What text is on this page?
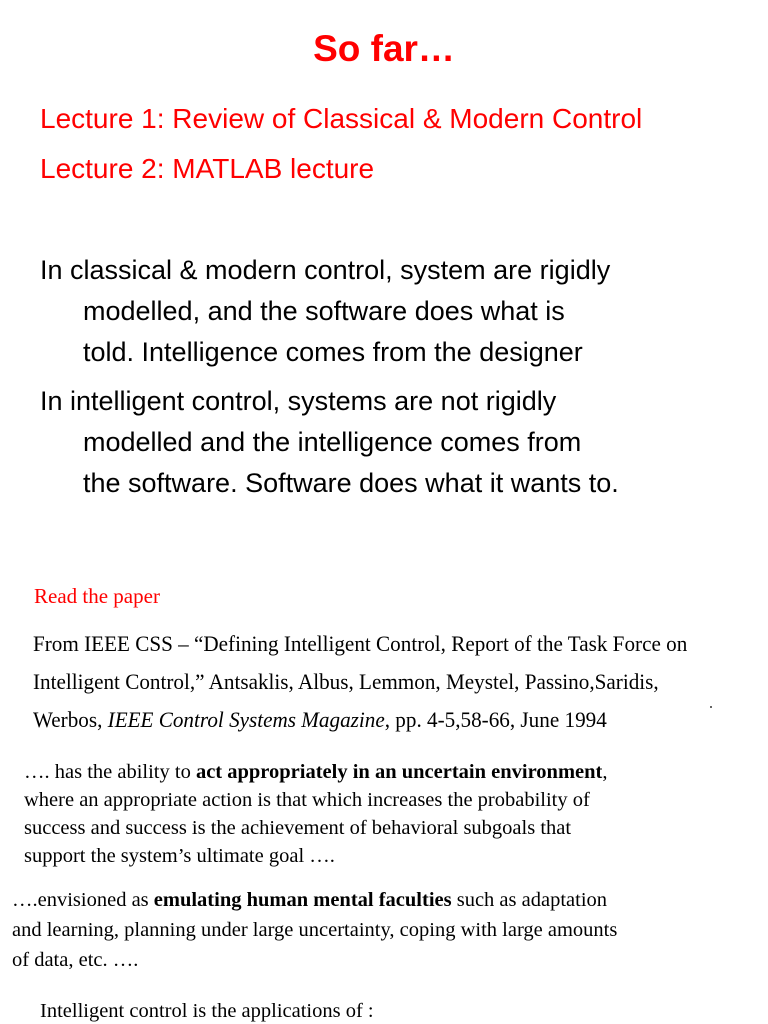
So far…
Lecture 1: Review of Classical & Modern Control
Lecture 2: MATLAB lecture
In classical & modern control, system are rigidly
modelled, and the software does what is
told. Intelligence comes from the designer
In intelligent control, systems are not rigidly
modelled and the intelligence comes from
the software. Software does what it wants to.
Read the paper
From IEEE CSS – “Defining Intelligent Control, Report of the Task Force on
Intelligent Control,” Antsaklis, Albus, Lemmon, Meystel, Passino,Saridis,
Werbos, IEEE Control Systems Magazine, pp. 4-5,58-66, June 1994
…. has the ability to act appropriately in an uncertain environment,
where an appropriate action is that which increases the probability of
success and success is the achievement of behavioral subgoals that
support the system’s ultimate goal ….
….envisioned as emulating human mental faculties such as adaptation
and learning, planning under large uncertainty, coping with large amounts
of data, etc. ….
Intelligent control is the applications of :
